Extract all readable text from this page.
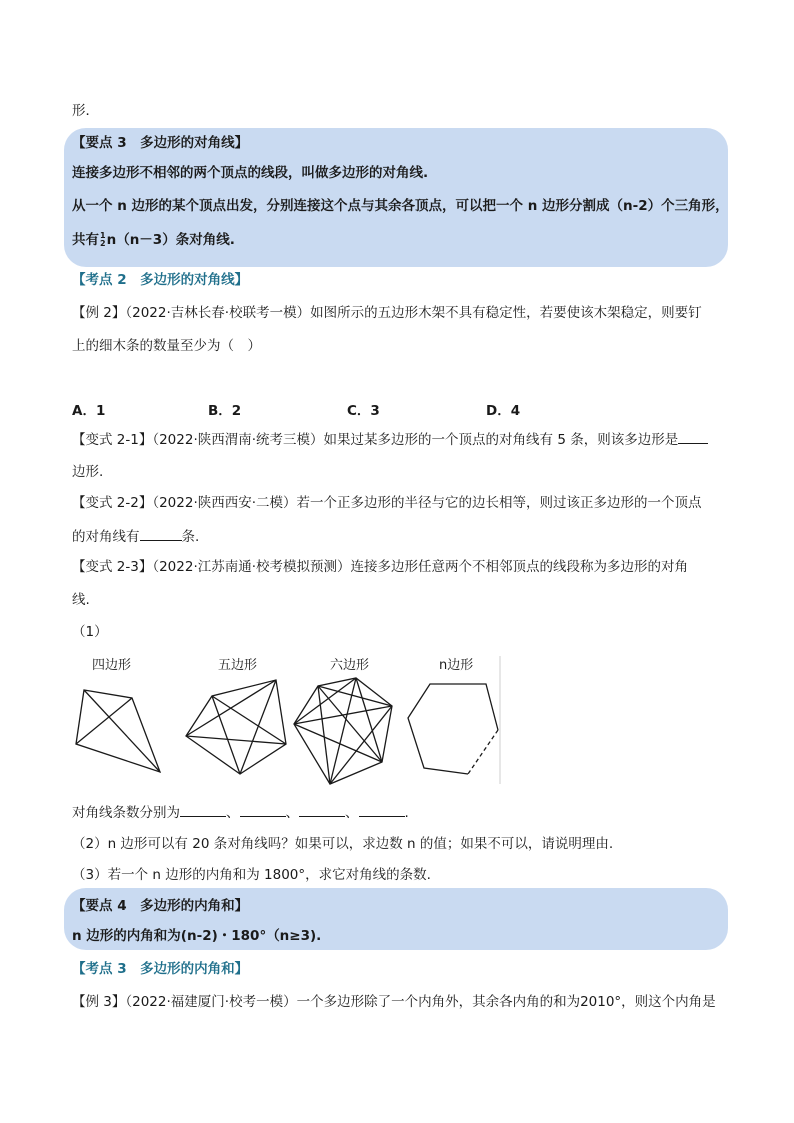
形．
【要点 3　多边形的对角线】
连接多边形不相邻的两个顶点的线段，叫做多边形的对角线.
从一个 n 边形的某个顶点出发，分别连接这个点与其余各顶点，可以把一个 n 边形分割成（n-2）个三角形，
共有 1
2 n（n－3）条对角线.
【考点 2　多边形的对角线】
【例 2】（2022·吉林长春·校联考一模）如图所示的五边形木架不具有稳定性，若要使该木架稳定，则要钉
上的细木条的数量至少为（　）
A．1	B．2	C．3	D．4
【变式 2-1】（2022·陕西渭南·统考三模）如果过某多边形的一个顶点的对角线有 5 条，则该多边形是
边形.
【变式 2-2】（2022·陕西西安·二模）若一个正多边形的半径与它的边长相等，则过该正多边形的一个顶点
的对角线有	条.
【变式 2-3】（2022·江苏南通·校考模拟预测）连接多边形任意两个不相邻顶点的线段称为多边形的对角
线.
（1）
四边形	五边形	六边形	n边形
对角线条数分别为	、	、	、	.
（2）n 边形可以有 20 条对角线吗？如果可以，求边数 n 的值；如果不可以，请说明理由.
（3）若一个 n 边形的内角和为 1800°，求它对角线的条数.
【要点 4　多边形的内角和】
n 边形的内角和为(n-2)・180°（n≥3).
【考点 3　多边形的内角和】
【例 3】（2022·福建厦门·校考一模）一个多边形除了一个内角外，其余各内角的和为2010°，则这个内角是
